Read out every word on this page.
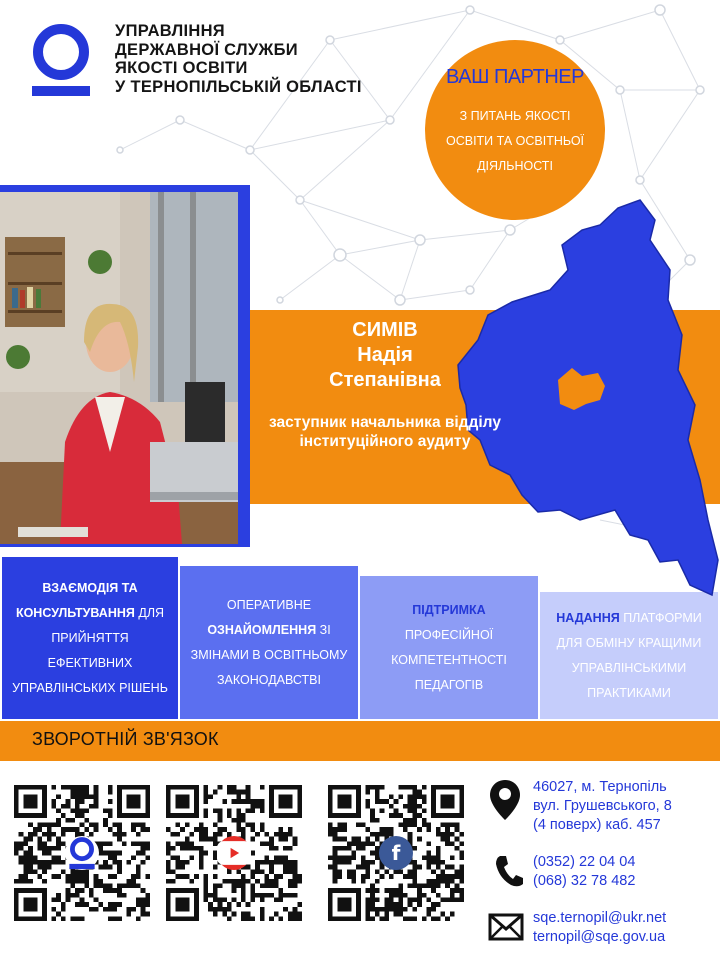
УПРАВЛІННЯ
ДЕРЖАВНОЇ СЛУЖБИ
ЯКОСТІ ОСВІТИ
У ТЕРНОПІЛЬСЬКІЙ ОБЛАСТІ	ВАШ ПАРТНЕР
З ПИТАНЬ ЯКОСТІ
ОСВІТИ ТА ОСВІТНЬОЇ
ДІЯЛЬНОСТІ
СИМІВ
Надія
Степанівна
заступник начальника відділу інституційного аудиту
ВЗАЄМОДІЯ ТА КОНСУЛЬТУВАННЯ ДЛЯ ПРИЙНЯТТЯ ЕФЕКТИВНИХ УПРАВЛІНСЬКИХ РІШЕНЬ
ОПЕРАТИВНЕ ОЗНАЙОМЛЕННЯ ЗІ ЗМІНАМИ В ОСВІТНЬОМУ ЗАКОНОДАВСТВІ
ПІДТРИМКА ПРОФЕСІЙНОЇ КОМПЕТЕНТНОСТІ ПЕДАГОГІВ
НАДАННЯ ПЛАТФОРМИ ДЛЯ ОБМІНУ КРАЩИМИ УПРАВЛІНСЬКИМИ ПРАКТИКАМИ
ЗВОРОТНІЙ ЗВ'ЯЗОК
f
46027, м. Тернопіль
вул. Грушевського, 8
(4 поверх) каб. 457
(0352) 22 04 04
(068) 32 78 482
sqe.ternopil@ukr.net
ternopil@sqe.gov.ua
